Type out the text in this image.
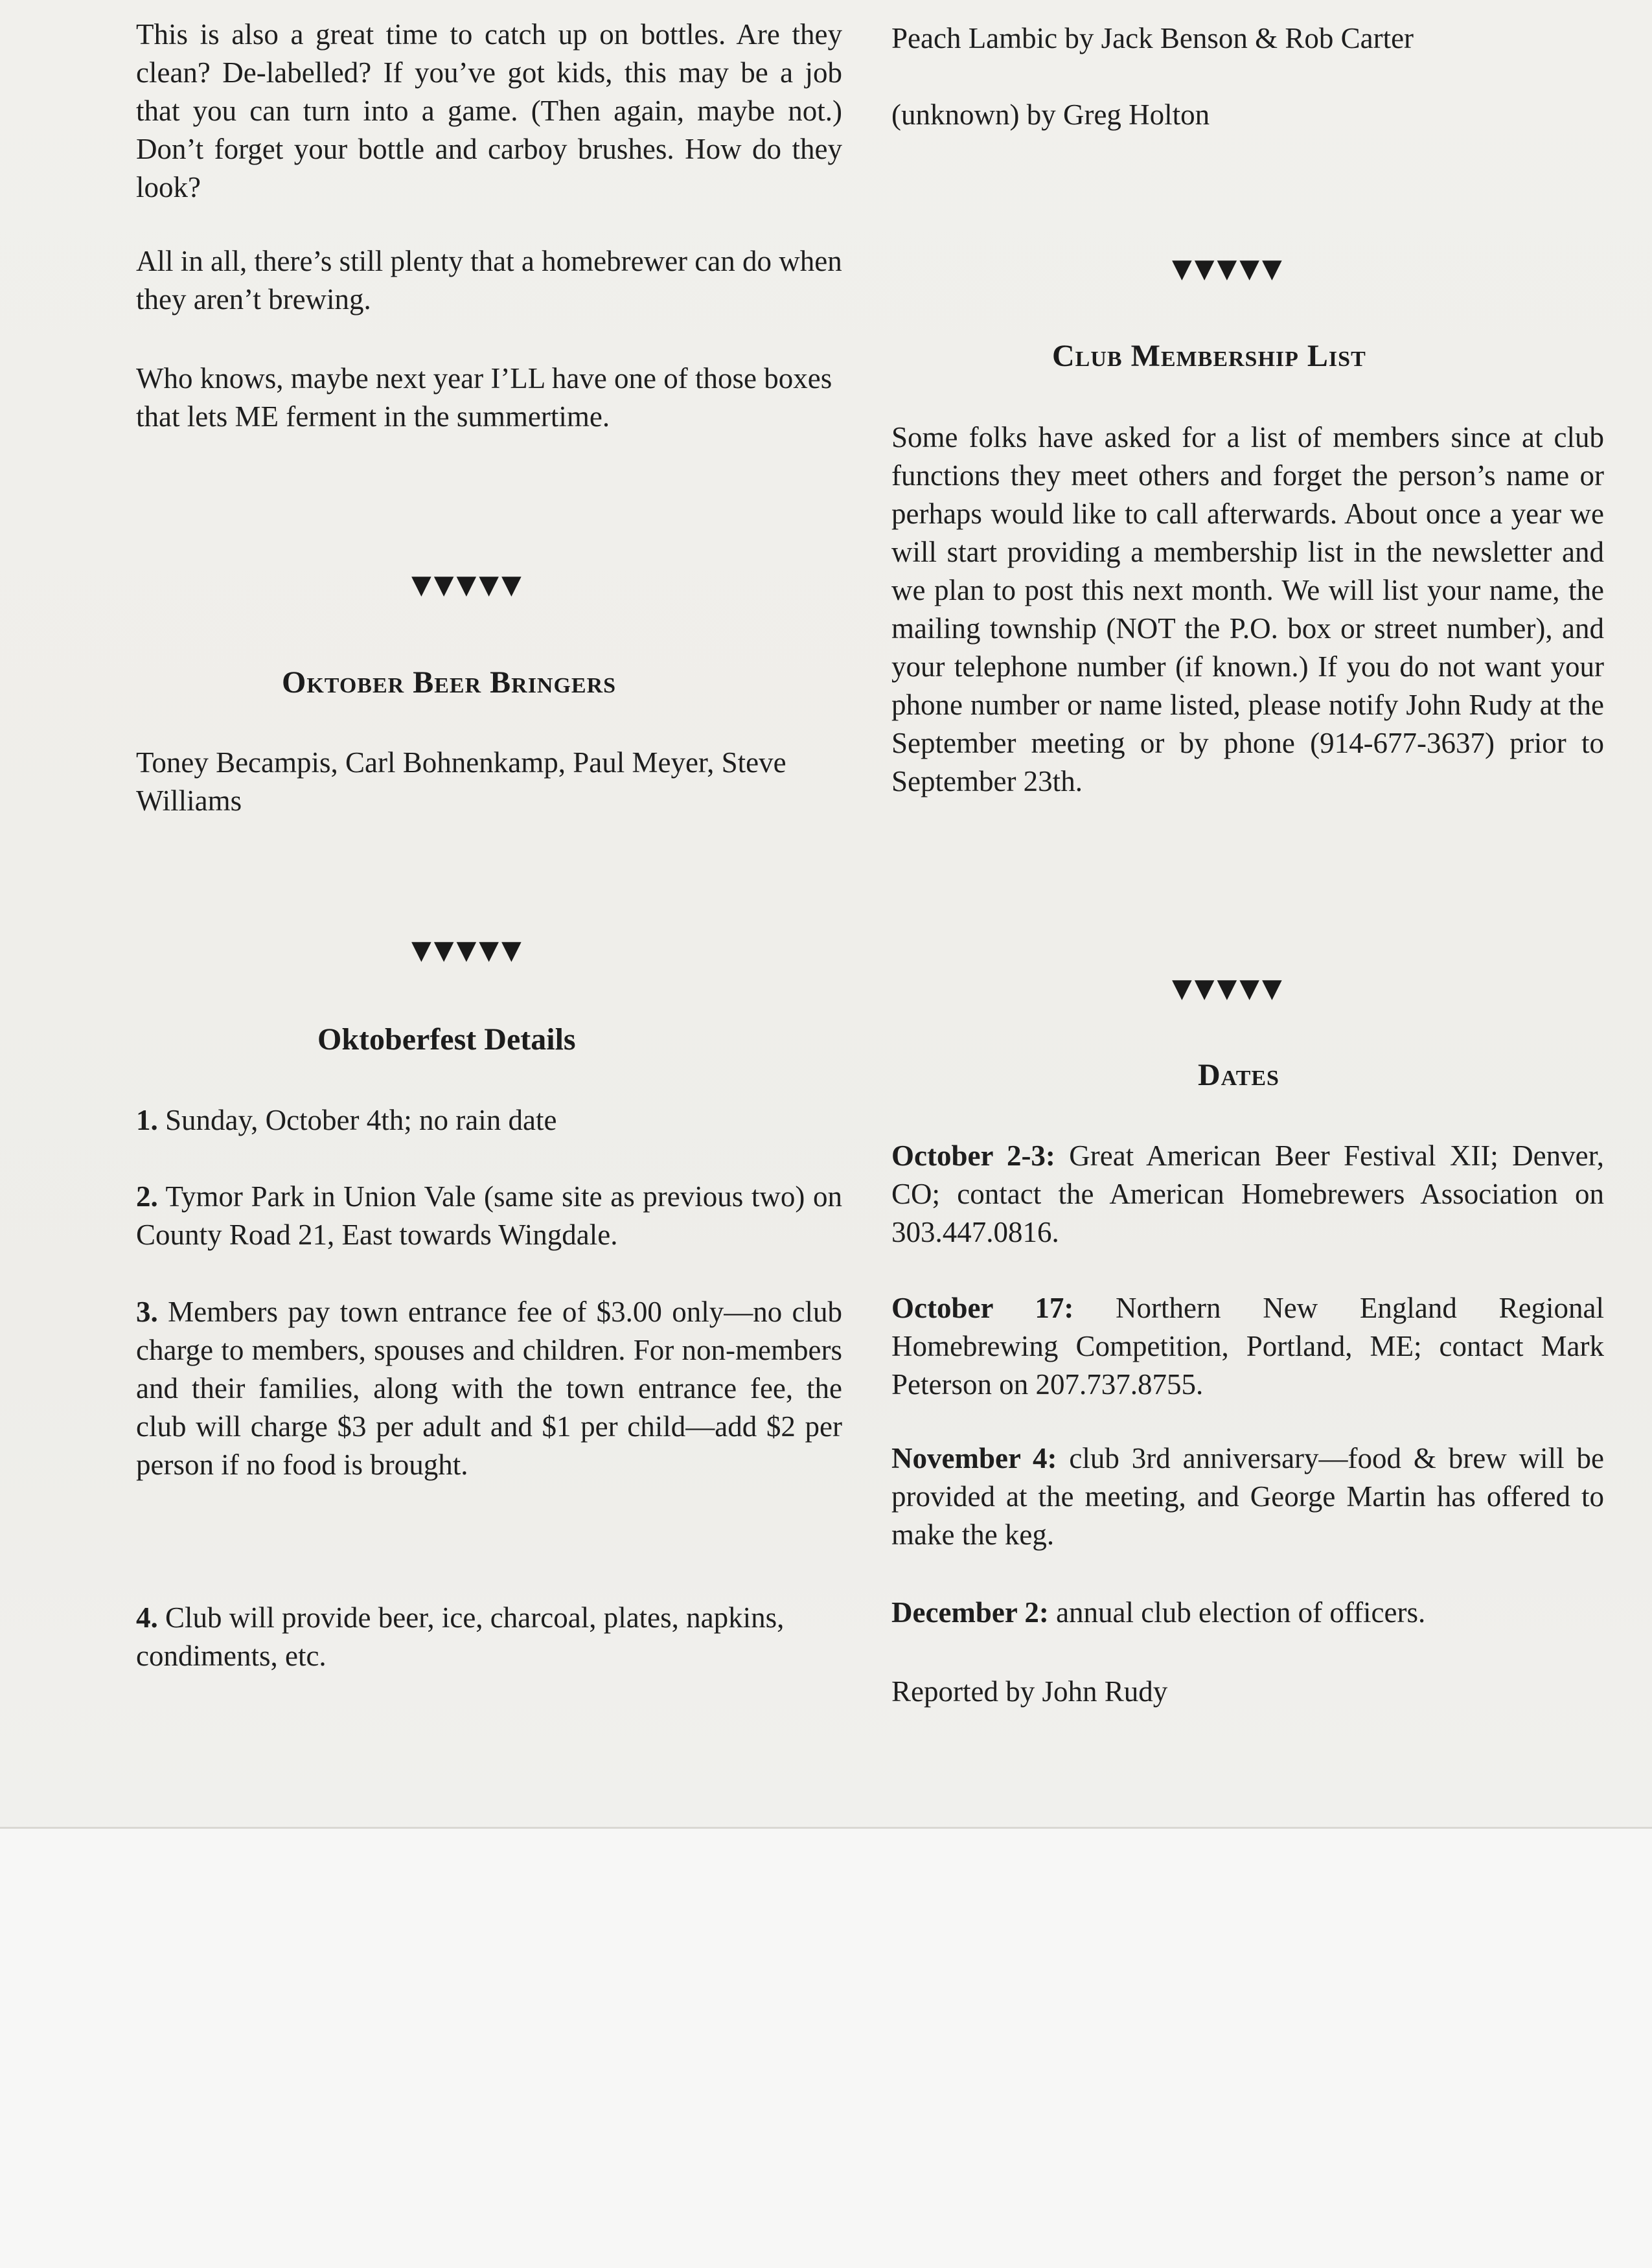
This is also a great time to catch up on bottles. Are they clean? De-labelled? If you’ve got kids, this may be a job that you can turn into a game. (Then again, maybe not.) Don’t forget your bottle and carboy brushes. How do they look?

All in all, there’s still plenty that a homebrewer can do when they aren’t brewing.

Who knows, maybe next year I’LL have one of those boxes that lets ME ferment in the summertime.

▼▼▼▼▼
Oktober Beer Bringers

Toney Becampis, Carl Bohnenkamp, Paul Meyer, Steve Williams

▼▼▼▼▼
Oktoberfest Details

1. Sunday, October 4th; no rain date

2. Tymor Park in Union Vale (same site as previous two) on County Road 21, East towards Wingdale.

3. Members pay town entrance fee of $3.00 only—no club charge to members, spouses and children. For non-members and their families, along with the town entrance fee, the club will charge $3 per adult and $1 per child—add $2 per person if no food is brought.

4. Club will provide beer, ice, charcoal, plates, napkins, condiments, etc.

Peach Lambic by Jack Benson & Rob Carter

(unknown) by Greg Holton

▼▼▼▼▼
Club Membership List

Some folks have asked for a list of members since at club functions they meet others and forget the person’s name or perhaps would like to call afterwards. About once a year we will start providing a membership list in the newsletter and we plan to post this next month. We will list your name, the mailing township (NOT the P.O. box or street number), and your telephone number (if known.) If you do not want your phone number or name listed, please notify John Rudy at the September meeting or by phone (914-677-3637) prior to September 23th.

▼▼▼▼▼
Dates

October 2-3: Great American Beer Festival XII; Denver, CO; contact the American Homebrewers Association on 303.447.0816.

October 17: Northern New England Regional Homebrewing Competition, Portland, ME; contact Mark Peterson on 207.737.8755.

November 4: club 3rd anniversary—food & brew will be provided at the meeting, and George Martin has offered to make the keg.

December 2: annual club election of officers.

Reported by John Rudy
